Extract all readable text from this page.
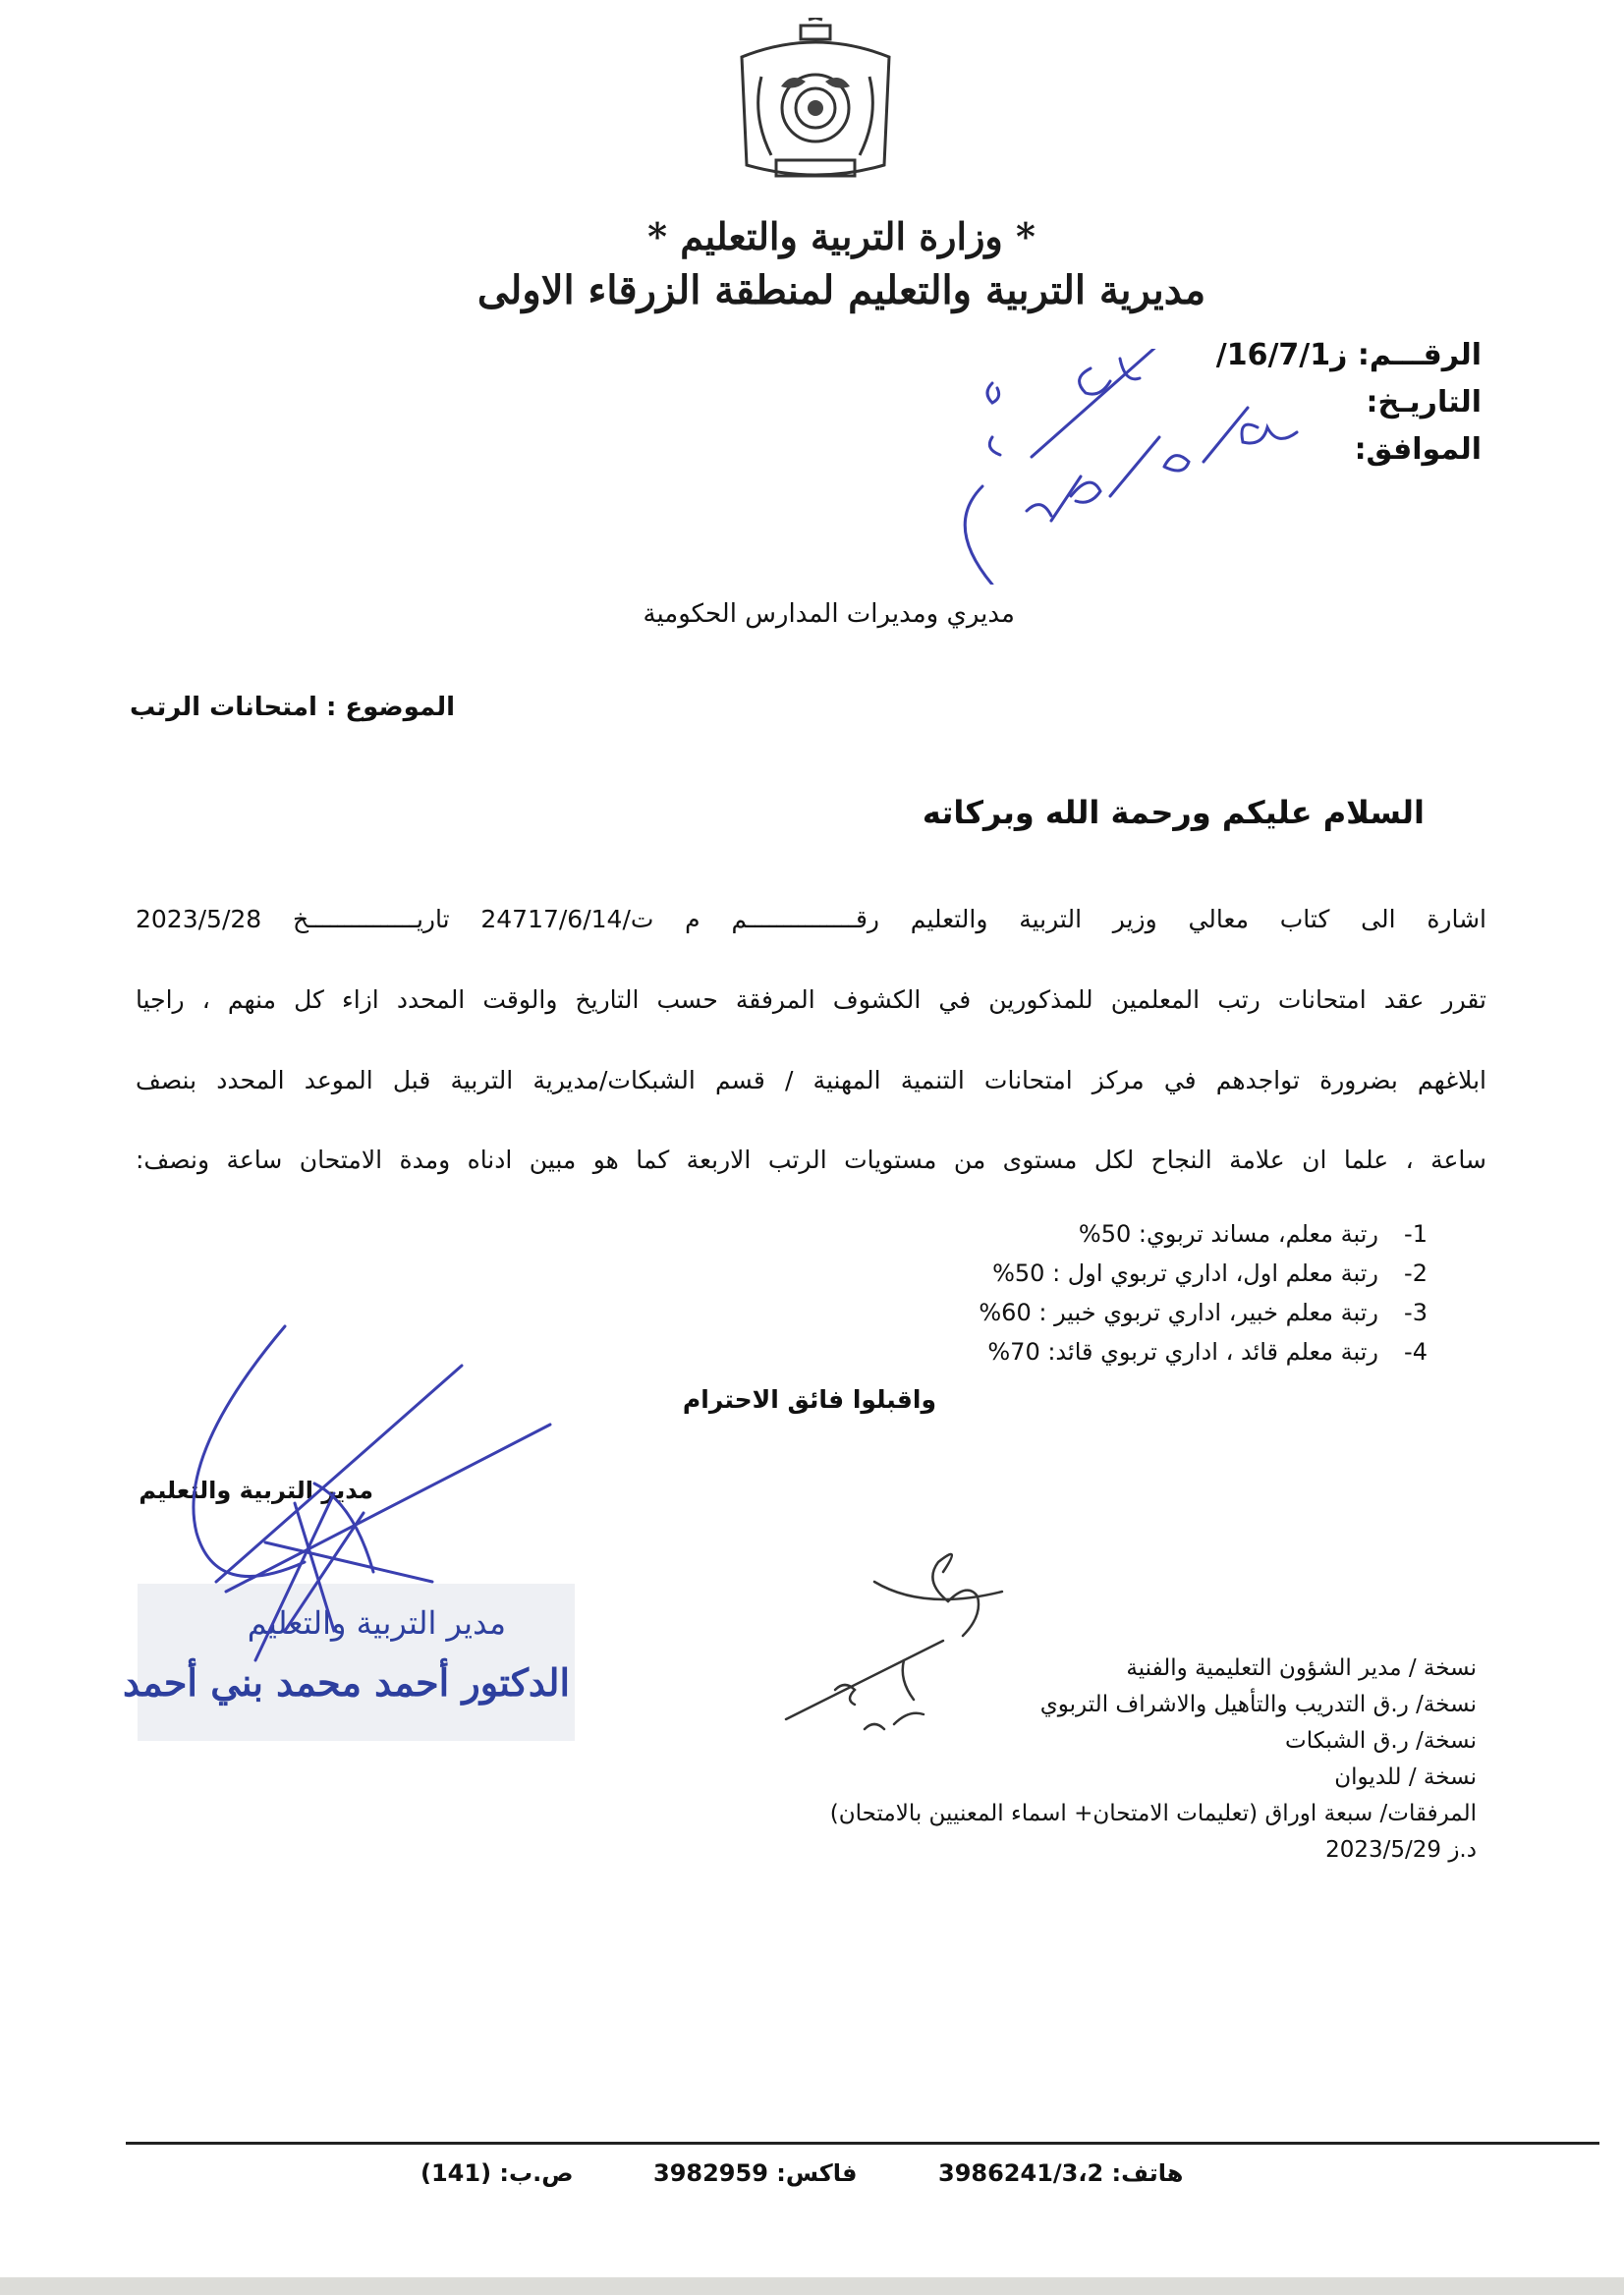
* وزارة التربية والتعليم *
مديرية التربية والتعليم لمنطقة الزرقاء الاولى
الرقـــم: ز16/7/1/
التاريـخ:
الموافق:
مديري ومديرات المدارس الحكومية
الموضوع : امتحانات الرتب
السلام عليكم ورحمة الله وبركاته
اشارة الى كتاب معالي وزير التربية والتعليم رقـــــــــــــــم م ت/24717/6/14 تاريـــــــــــــــخ 2023/5/28
تقرر عقد امتحانات رتب المعلمين للمذكورين في الكشوف المرفقة حسب التاريخ والوقت المحدد ازاء كل منهم ، راجيا
ابلاغهم بضرورة تواجدهم في مركز امتحانات التنمية المهنية / قسم الشبكات/مديرية التربية قبل الموعد المحدد بنصف
ساعة ، علما ان علامة النجاح لكل مستوى من مستويات الرتب الاربعة كما هو مبين ادناه ومدة الامتحان ساعة ونصف:
1-رتبة معلم، مساند تربوي: 50%
2-رتبة معلم اول، اداري تربوي اول : 50%
3-رتبة معلم خبير، اداري تربوي خبير : 60%
4-رتبة معلم قائد ، اداري تربوي قائد: 70%
واقبلوا فائق الاحترام
مدير التربية والتعليم
الدكتور أحمد محمد بني أحمد
مدير التربية والتعليم
نسخة / مدير الشؤون التعليمية والفنية
نسخة/ ر.ق التدريب والتأهيل والاشراف التربوي
نسخة/ ر.ق الشبكات
نسخة / للديوان
المرفقات/ سبعة اوراق (تعليمات الامتحان+ اسماء المعنيين بالامتحان)
د.ز 2023/5/29
هاتف: 3986241/3،2
فاكس: 3982959
ص.ب: (141)
